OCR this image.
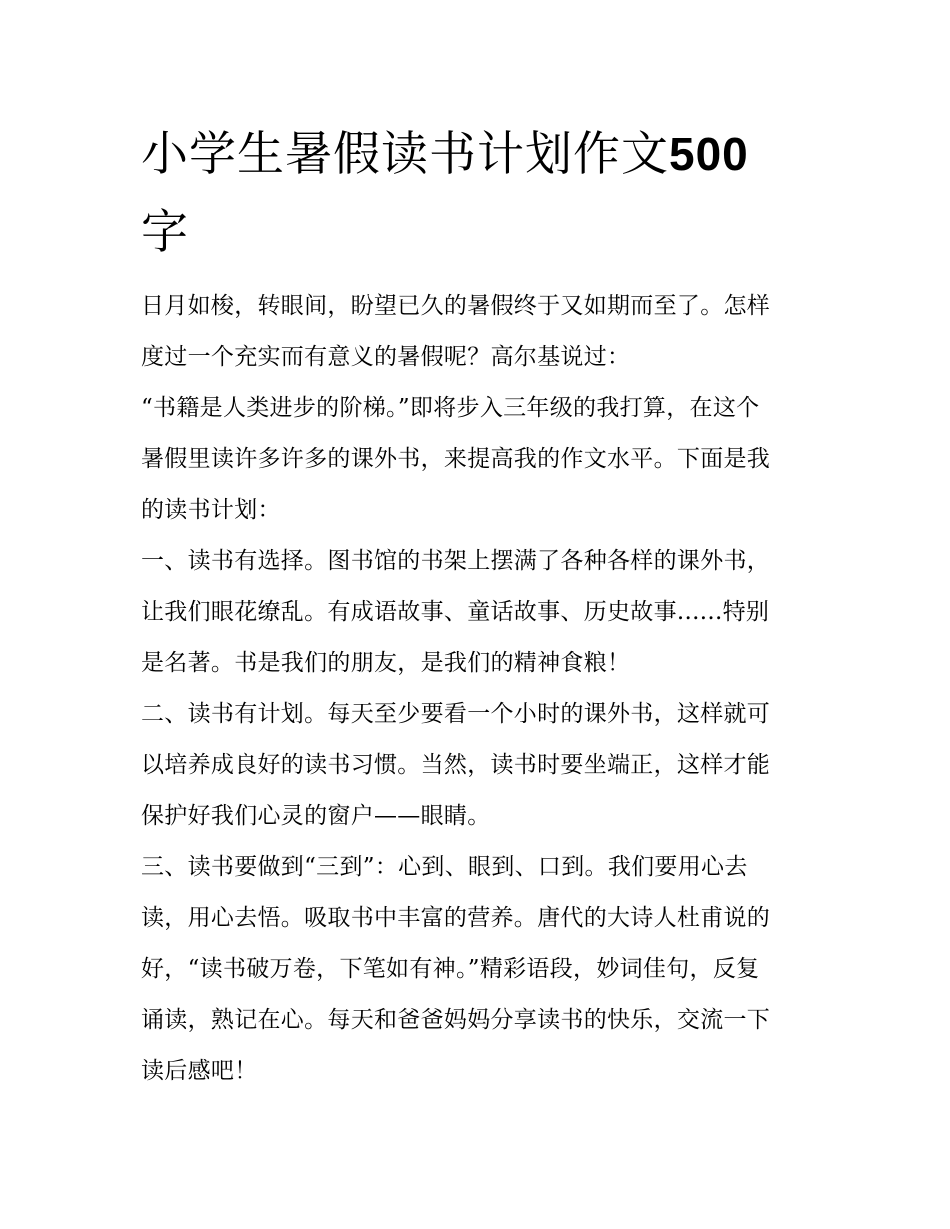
小学生暑假读书计划作文500
字
日月如梭，转眼间，盼望已久的暑假终于又如期而至了。怎样
度过一个充实而有意义的暑假呢？高尔基说过：
“书籍是人类进步的阶梯。”即将步入三年级的我打算，在这个
暑假里读许多许多的课外书，来提高我的作文水平。下面是我
的读书计划：
一、读书有选择。图书馆的书架上摆满了各种各样的课外书，
让我们眼花缭乱。有成语故事、童话故事、历史故事......特别
是名著。书是我们的朋友，是我们的精神食粮！
二、读书有计划。每天至少要看一个小时的课外书，这样就可
以培养成良好的读书习惯。当然，读书时要坐端正，这样才能
保护好我们心灵的窗户——眼睛。
三、读书要做到“三到”：心到、眼到、口到。我们要用心去
读，用心去悟。吸取书中丰富的营养。唐代的大诗人杜甫说的
好，“读书破万卷，下笔如有神。”精彩语段，妙词佳句，反复
诵读，熟记在心。每天和爸爸妈妈分享读书的快乐，交流一下
读后感吧！
